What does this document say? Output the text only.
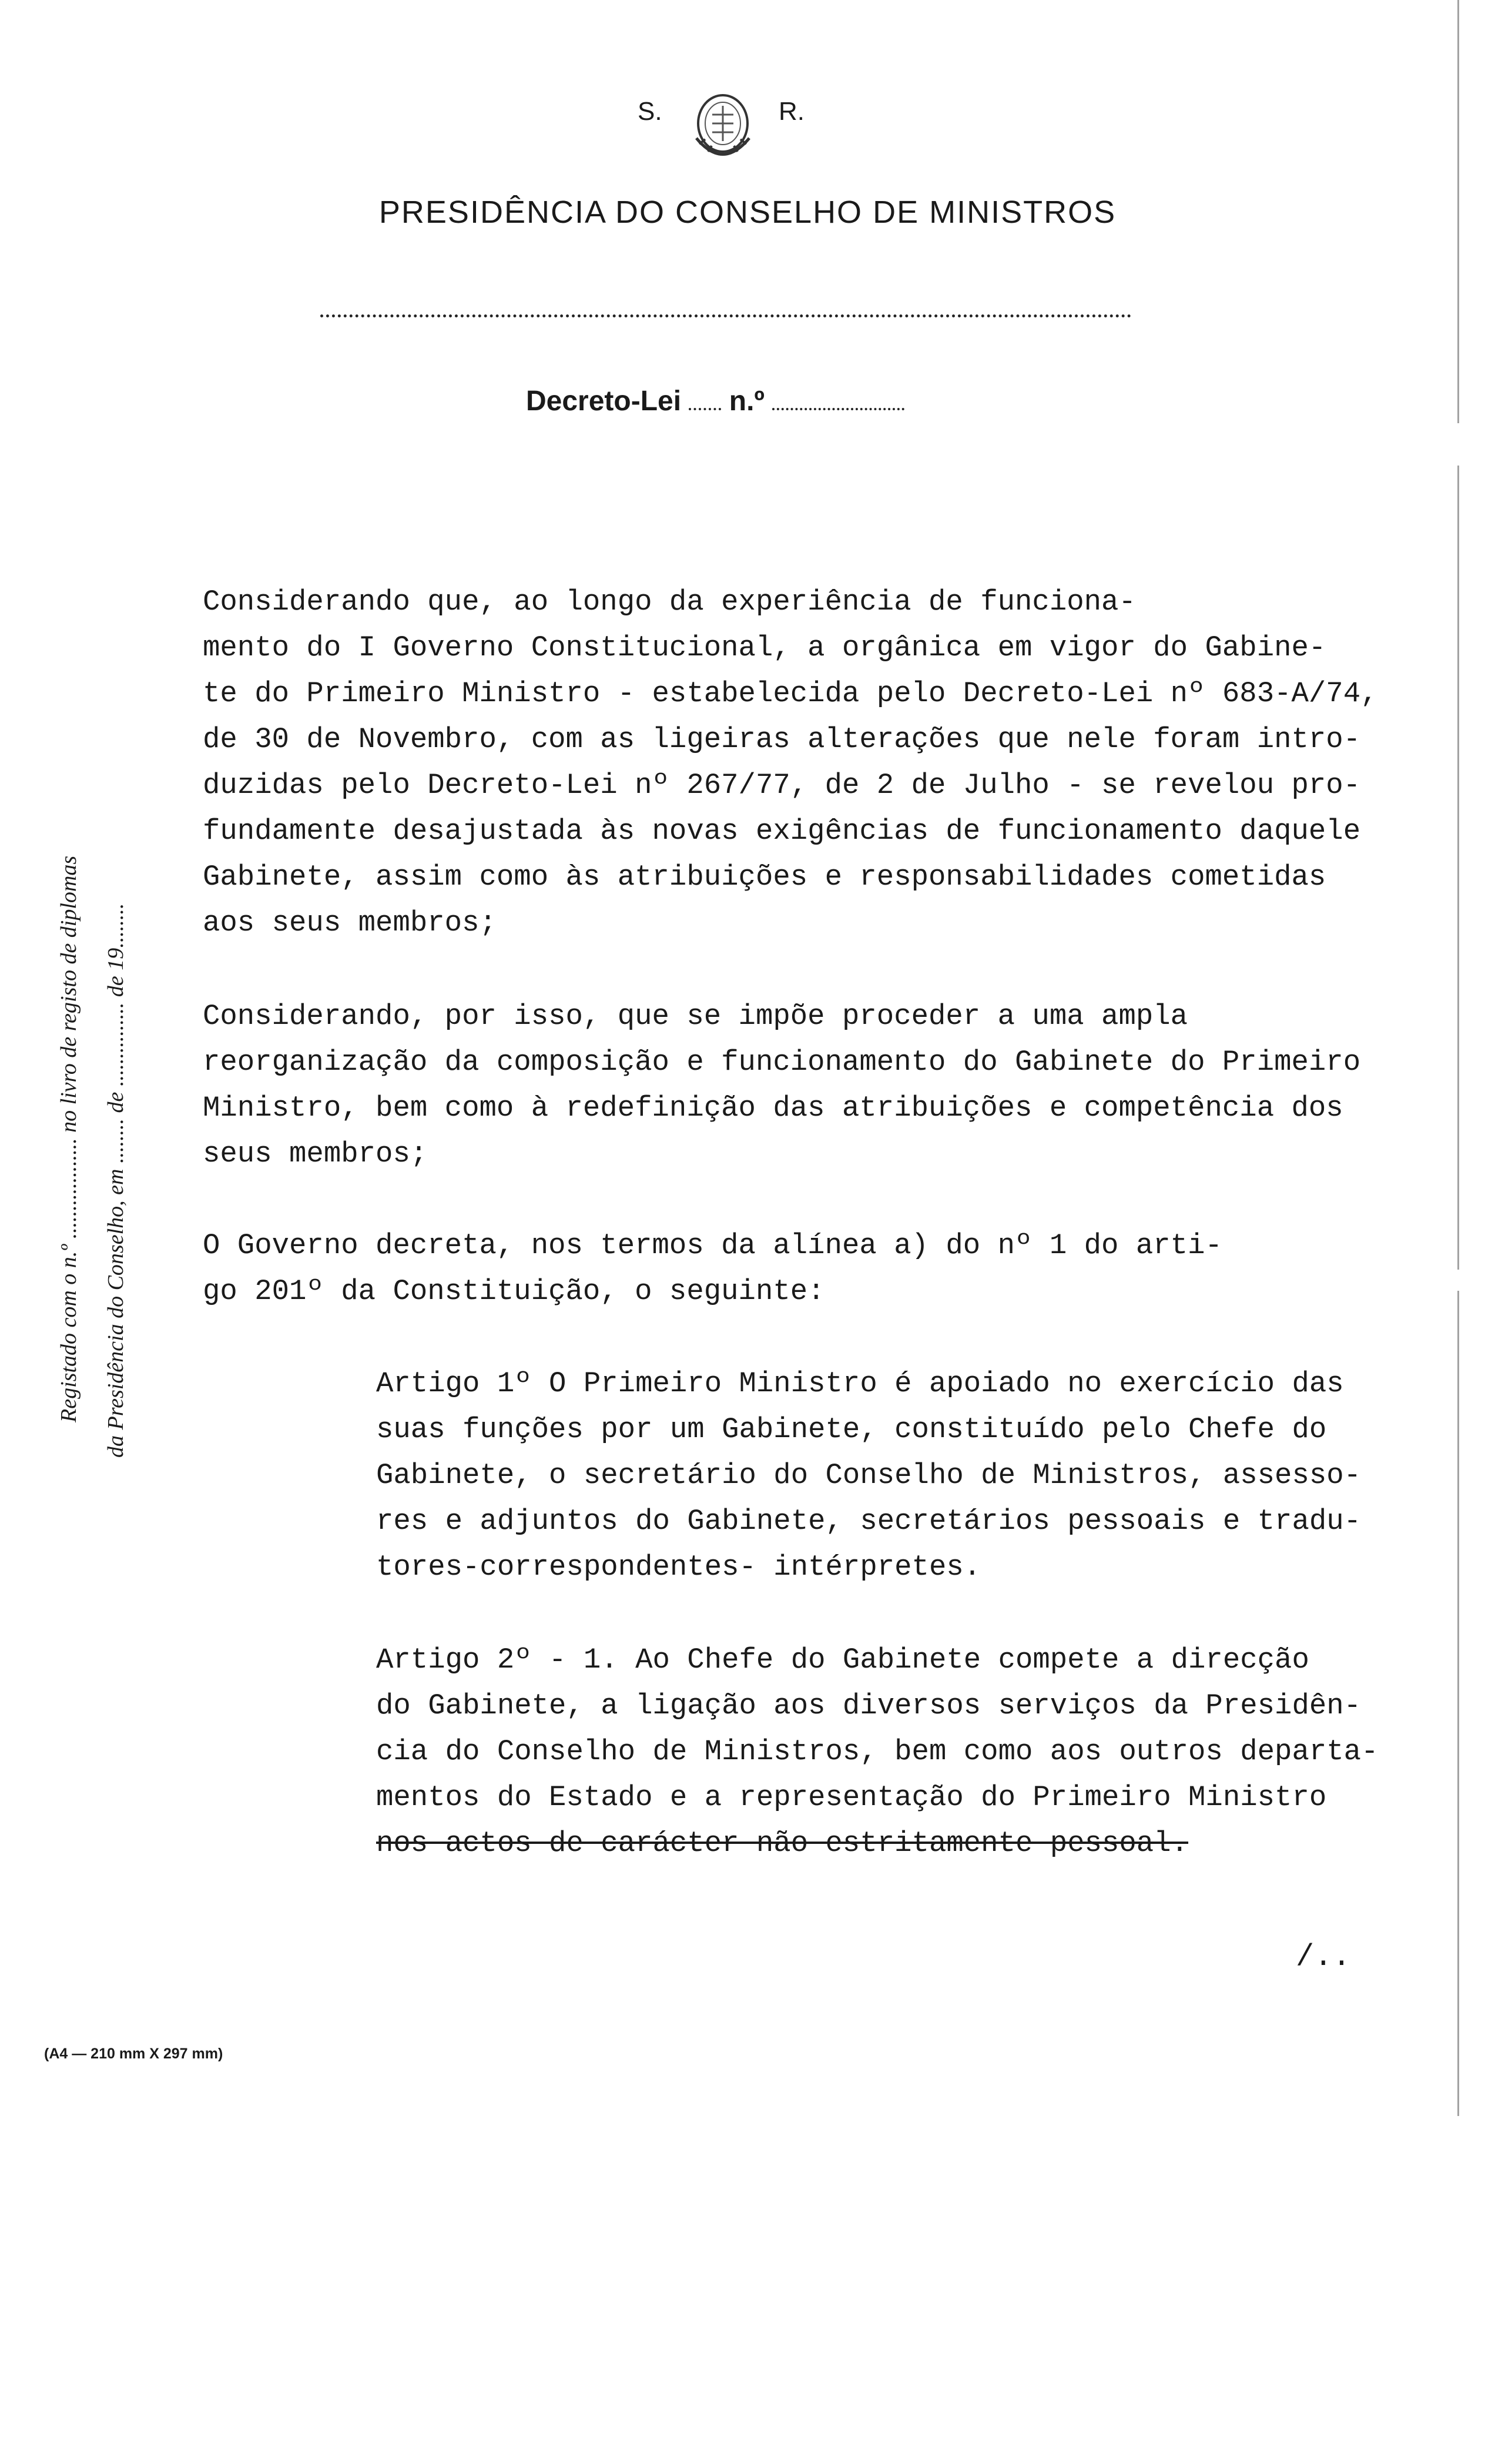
S.	R.
PRESIDÊNCIA DO CONSELHO DE MINISTROS
Decreto-Lei n.º
Registado com o n.º .................. no livro de registo de diplomas da Presidência do Conselho, em ........ de ............... de 19........
Considerando que, ao longo da experiência de funciona-
mento do I Governo Constitucional, a orgânica em vigor do Gabine-
te do Primeiro Ministro - estabelecida pelo Decreto-Lei nº 683-A/74,
de 30 de Novembro, com as ligeiras alterações que nele foram intro-
duzidas pelo Decreto-Lei nº 267/77, de 2 de Julho - se revelou pro-
fundamente desajustada às novas exigências de funcionamento daquele
Gabinete, assim como às atribuições e responsabilidades cometidas
aos seus membros;
Considerando, por isso, que se impõe proceder a uma ampla
reorganização da composição e funcionamento do Gabinete do Primeiro
Ministro, bem como à redefinição das atribuições e competência dos
seus membros;
O Governo decreta, nos termos da alínea a) do nº 1 do arti-
go 201º da Constituição, o seguinte:
Artigo 1º O Primeiro Ministro é apoiado no exercício das
suas funções por um Gabinete, constituído pelo Chefe do
Gabinete, o secretário do Conselho de Ministros, assesso-
res e adjuntos do Gabinete, secretários pessoais e tradu-
tores-correspondentes- intérpretes.
Artigo 2º - 1. Ao Chefe do Gabinete compete a direcção
do Gabinete, a ligação aos diversos serviços da Presidên-
cia do Conselho de Ministros, bem como aos outros departa-
mentos do Estado e a representação do Primeiro Ministro
nos actos de carácter não estritamente pessoal.
/..
(A4 — 210 mm X 297 mm)
